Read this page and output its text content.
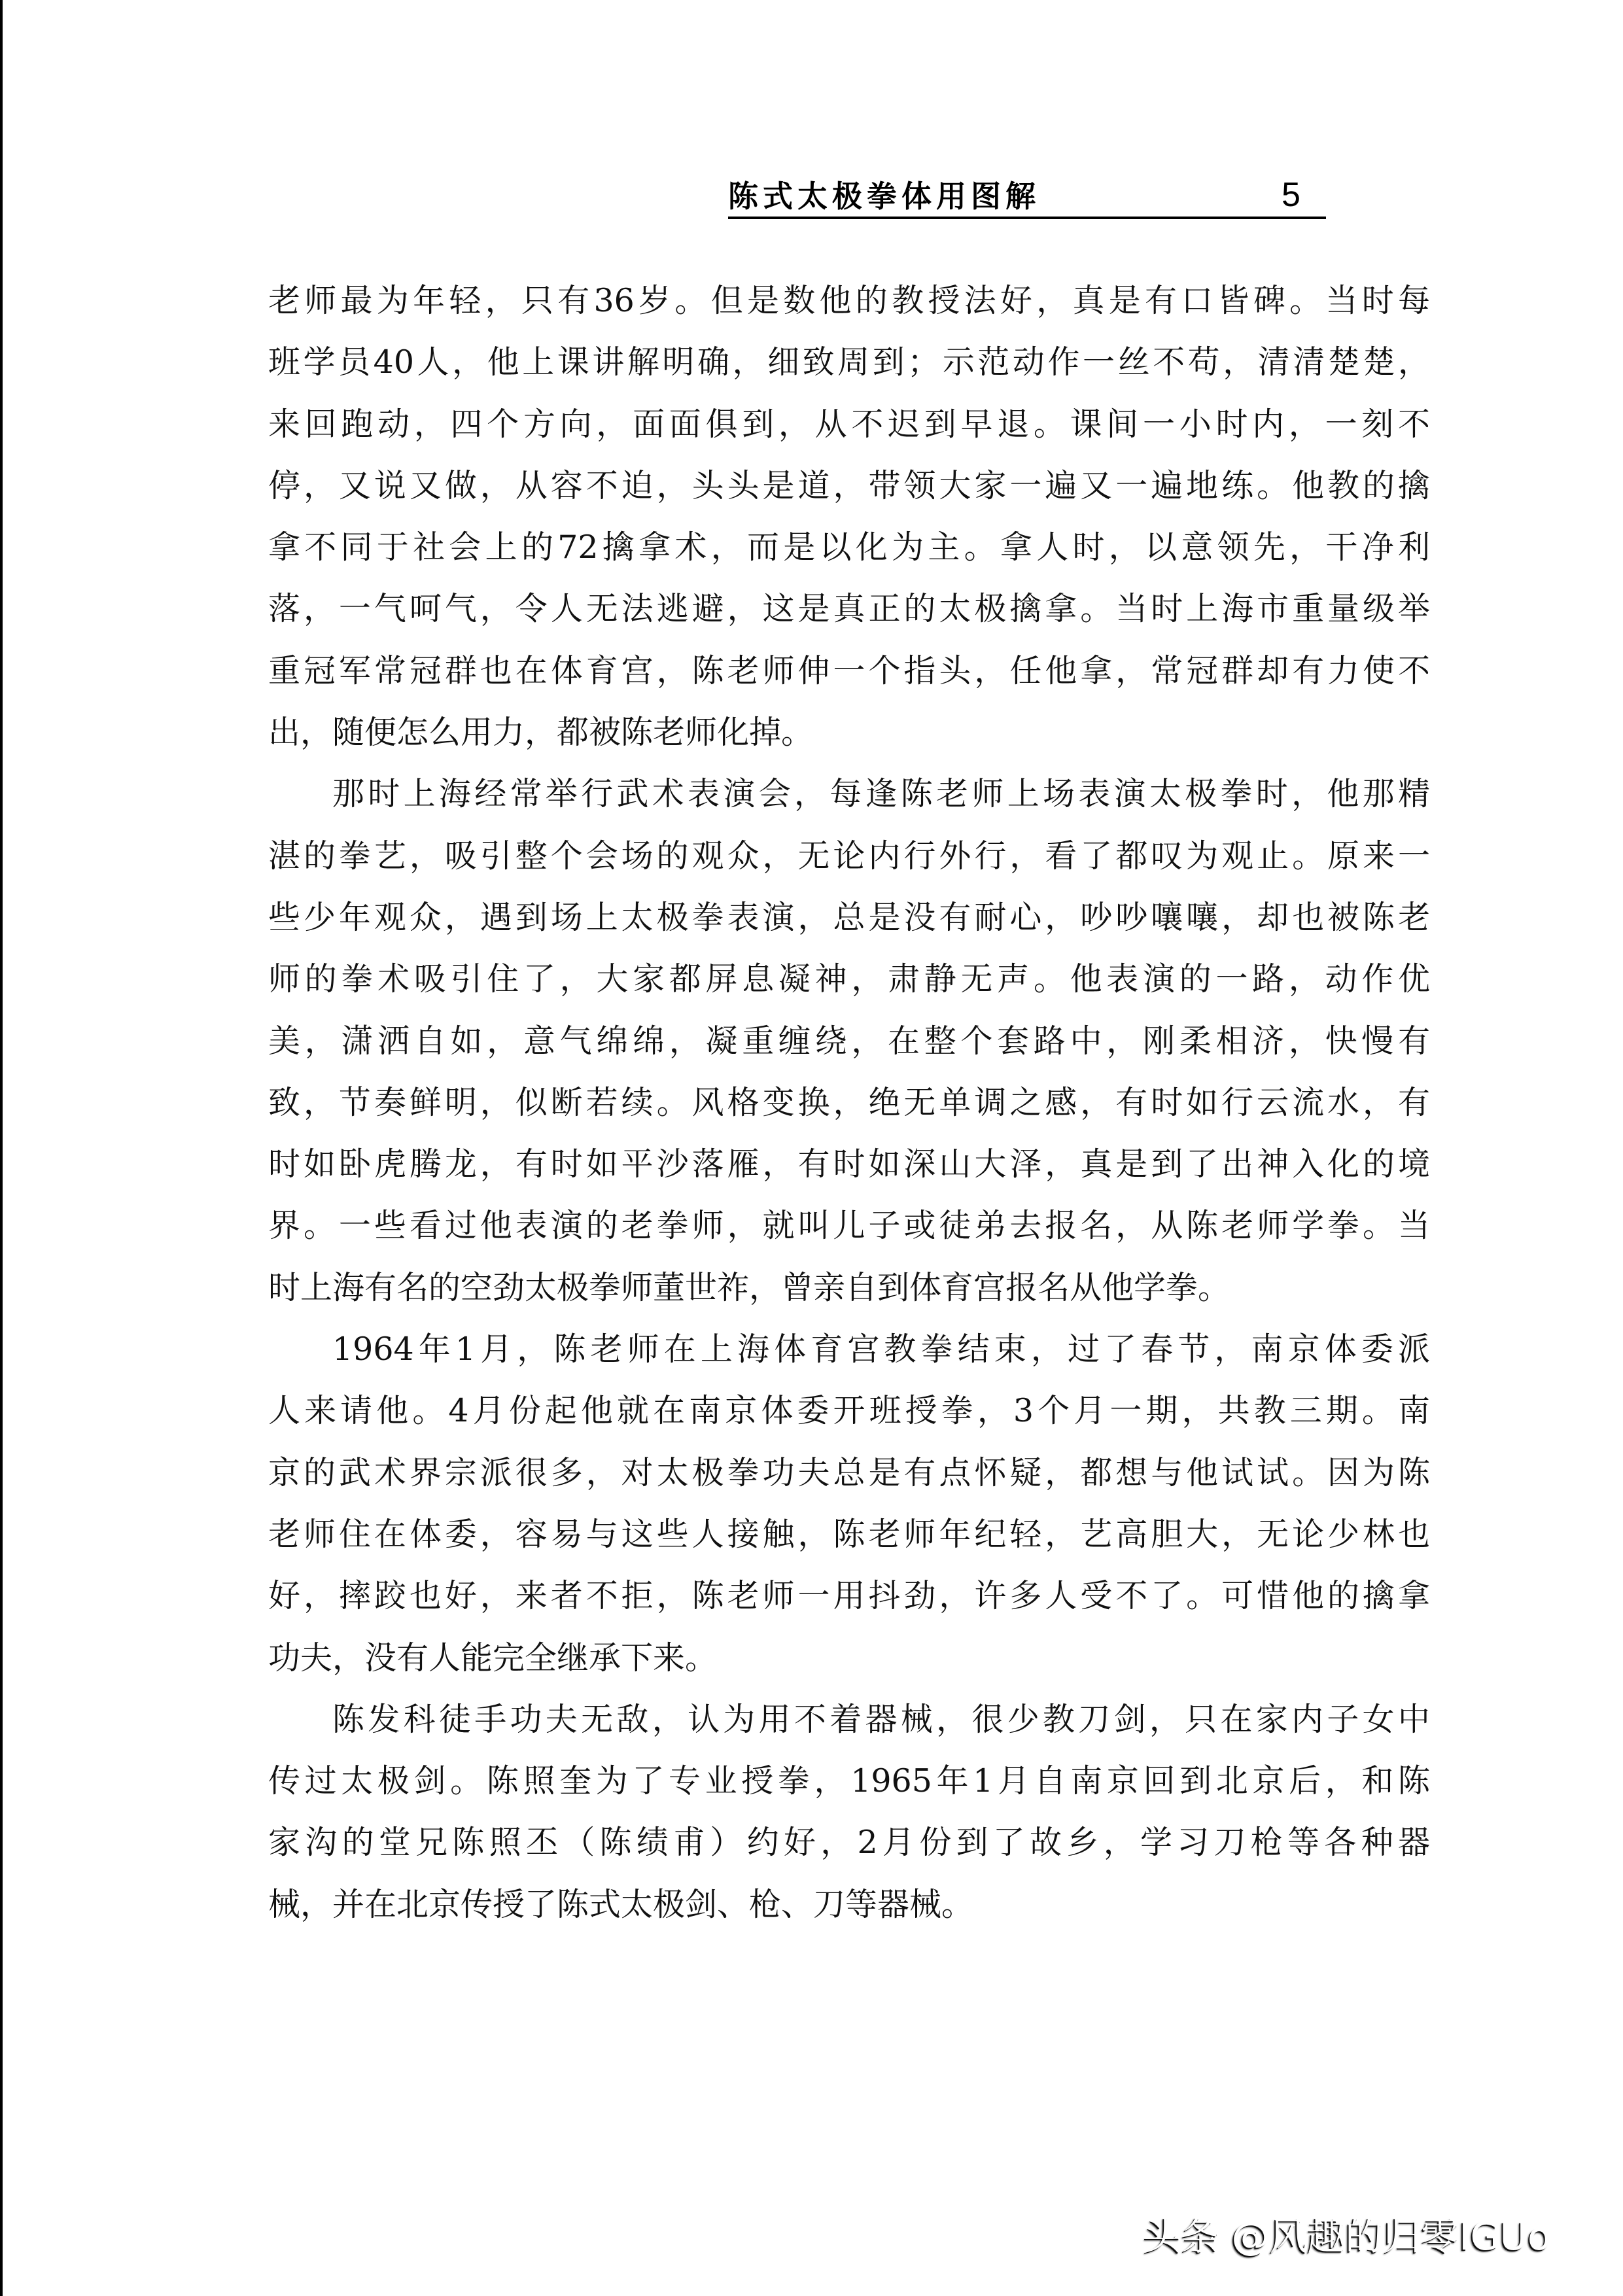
陈式太极拳体用图解	5
老师最为年轻，只有36岁。但是数他的教授法好，真是有口皆碑。当时每
班学员40人，他上课讲解明确，细致周到；示范动作一丝不苟，清清楚楚，
来回跑动，四个方向，面面俱到，从不迟到早退。课间一小时内，一刻不
停，又说又做，从容不迫，头头是道，带领大家一遍又一遍地练。他教的擒
拿不同于社会上的72擒拿术，而是以化为主。拿人时，以意领先，干净利
落，一气呵气，令人无法逃避，这是真正的太极擒拿。当时上海市重量级举
重冠军常冠群也在体育宫，陈老师伸一个指头，任他拿，常冠群却有力使不
出，随便怎么用力，都被陈老师化掉。
那时上海经常举行武术表演会，每逢陈老师上场表演太极拳时，他那精
湛的拳艺，吸引整个会场的观众，无论内行外行，看了都叹为观止。原来一
些少年观众，遇到场上太极拳表演，总是没有耐心，吵吵嚷嚷，却也被陈老
师的拳术吸引住了，大家都屏息凝神，肃静无声。他表演的一路，动作优
美，潇洒自如，意气绵绵，凝重缠绕，在整个套路中，刚柔相济，快慢有
致，节奏鲜明，似断若续。风格变换，绝无单调之感，有时如行云流水，有
时如卧虎腾龙，有时如平沙落雁，有时如深山大泽，真是到了出神入化的境
界。一些看过他表演的老拳师，就叫儿子或徒弟去报名，从陈老师学拳。当
时上海有名的空劲太极拳师董世祚，曾亲自到体育宫报名从他学拳。
1964年1月，陈老师在上海体育宫教拳结束，过了春节，南京体委派
人来请他。4月份起他就在南京体委开班授拳，3个月一期，共教三期。南
京的武术界宗派很多，对太极拳功夫总是有点怀疑，都想与他试试。因为陈
老师住在体委，容易与这些人接触，陈老师年纪轻，艺高胆大，无论少林也
好，摔跤也好，来者不拒，陈老师一用抖劲，许多人受不了。可惜他的擒拿
功夫，没有人能完全继承下来。
陈发科徒手功夫无敌，认为用不着器械，很少教刀剑，只在家内子女中
传过太极剑。陈照奎为了专业授拳，1965年1月自南京回到北京后，和陈
家沟的堂兄陈照丕（陈绩甫）约好，2月份到了故乡，学习刀枪等各种器
械，并在北京传授了陈式太极剑、枪、刀等器械。
头条 @风趣的归零IGUo
